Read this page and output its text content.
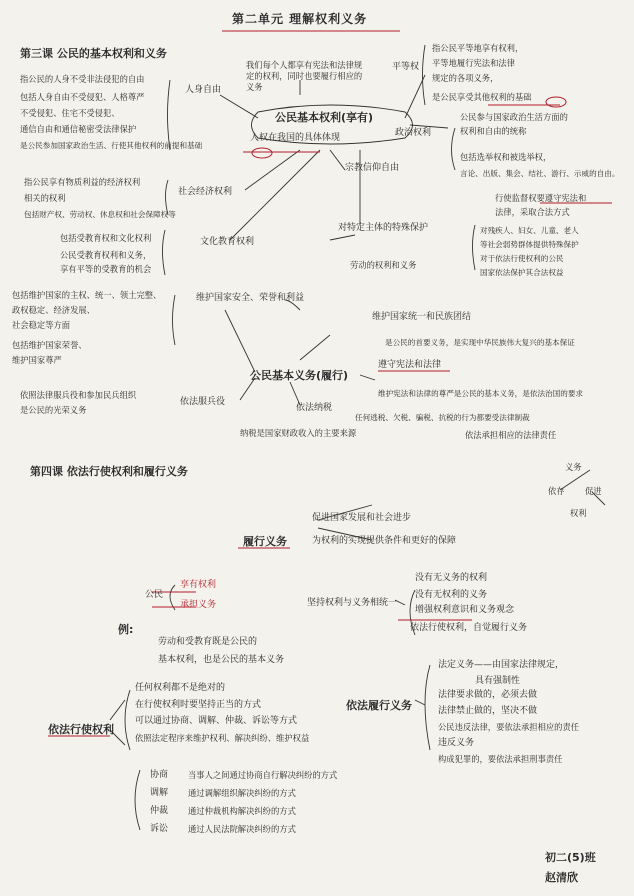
第二单元 理解权利义务
第三课 公民的基本权利和义务
我们每个人都享有宪法和法律规定的权利，同时也要履行相应的义务
公民基本权利(享有)
人权在我国的具体体现
平等权
指公民平等地享有权利，
平等地履行宪法和法律
规定的各项义务，
是公民享受其他权利的基础
政治权利
公民参与国家政治生活方面的
权利和自由的统称
包括选举权和被选举权，
言论、出版、集会、结社、游行、示威的自由。
行使监督权要遵守宪法和
法律，采取合法方式
人身自由
指公民的人身不受非法侵犯的自由
包括人身自由不受侵犯、人格尊严
不受侵犯、住宅不受侵犯、
通信自由和通信秘密受法律保护
是公民参加国家政治生活、行使其他权利的前提和基础
宗教信仰自由
社会经济权利
指公民享有物质利益的经济权利
相关的权利
包括财产权、劳动权、休息权和社会保障权等
文化教育权利
包括受教育权和文化权利
公民受教育权利和义务，
享有平等的受教育的机会
对特定主体的特殊保护	对残疾人、妇女、儿童、老人
等社会弱势群体提供特殊保护
对于依法行使权利的公民
国家依法保护其合法权益
劳动的权利和义务
维护国家安全、荣誉和利益
包括维护国家的主权、统一、领土完整、
政权稳定、经济发展、
社会稳定等方面
包括维护国家荣誉、
维护国家尊严
维护国家统一和民族团结
是公民的首要义务，是实现中华民族伟大复兴的基本保证
公民基本义务(履行)
遵守宪法和法律
维护宪法和法律的尊严是公民的基本义务，是依法治国的要求
依法服兵役
依照法律服兵役和参加民兵组织
是公民的光荣义务	依法纳税
纳税是国家财政收入的主要来源
任何逃税、欠税、骗税、抗税的行为都要受法律制裁
依法承担相应的法律责任
第四课 依法行使权利和履行义务	义务
依存 促进
权利
履行义务
促进国家发展和社会进步
为权利的实现提供条件和更好的保障
公民
享有权利
承担义务
例:
劳动和受教育既是公民的
基本权利，也是公民的基本义务
坚持权利与义务相统一
没有无义务的权利
没有无权利的义务
增强权利意识和义务观念
依法行使权利，自觉履行义务
依法行使权利
任何权利都不是绝对的
在行使权利时要坚持正当的方式
可以通过协商、调解、仲裁、诉讼等方式
依照法定程序来维护权利、解决纠纷、维护权益
协商 当事人之间通过协商自行解决纠纷的方式
调解 通过调解组织解决纠纷的方式
仲裁 通过仲裁机构解决纠纷的方式
诉讼 通过人民法院解决纠纷的方式
依法履行义务
法定义务——由国家法律规定，
具有强制性
法律要求做的，必须去做
法律禁止做的，坚决不做
公民违反法律，要依法承担相应的责任
违反义务
构成犯罪的，要依法承担刑事责任
初二(5)班
赵清欣
